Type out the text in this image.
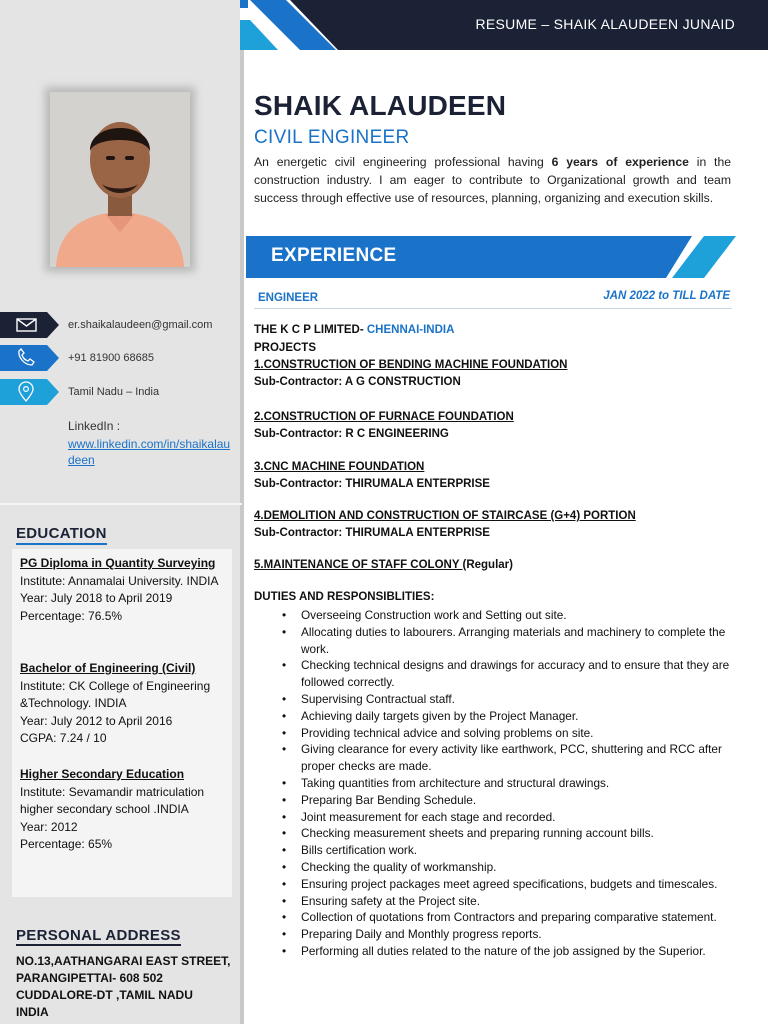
er.shaikalaudeen@gmail.com
+91 81900 68685
Tamil Nadu – India
LinkedIn :
www.linkedin.com/in/shaikalaudeen
EDUCATION
PG Diploma in Quantity Surveying
Institute: Annamalai University. INDIA
Year: July 2018 to April 2019
Percentage: 76.5%
Bachelor of Engineering (Civil)
Institute: CK College of Engineering &Technology. INDIA
Year: July 2012 to April 2016
CGPA: 7.24 / 10
Higher Secondary Education
Institute: Sevamandir matriculation higher secondary school .INDIA
Year: 2012
Percentage: 65%
PERSONAL ADDRESS
NO.13,AATHANGARAI EAST STREET,
PARANGIPETTAI- 608 502
CUDDALORE-DT ,TAMIL NADU
INDIA
RESUME – SHAIK ALAUDEEN JUNAID
SHAIK ALAUDEEN
CIVIL ENGINEER
An energetic civil engineering professional having 6 years of experience in the construction industry. I am eager to contribute to Organizational growth and team success through effective use of resources, planning, organizing and execution skills.
EXPERIENCE
ENGINEER	JAN 2022 to TILL DATE
THE K C P LIMITED- CHENNAI-INDIA
PROJECTS
1.CONSTRUCTION OF BENDING MACHINE FOUNDATION
Sub-Contractor: A G CONSTRUCTION
2.CONSTRUCTION OF FURNACE FOUNDATION
Sub-Contractor: R C ENGINEERING
3.CNC MACHINE FOUNDATION
Sub-Contractor: THIRUMALA ENTERPRISE
4.DEMOLITION AND CONSTRUCTION OF STAIRCASE (G+4) PORTION
Sub-Contractor: THIRUMALA ENTERPRISE
5.MAINTENANCE OF STAFF COLONY (Regular)
DUTIES AND RESPONSIBLITIES:
• Overseeing Construction work and Setting out site.
• Allocating duties to labourers. Arranging materials and machinery to complete the work.
• Checking technical designs and drawings for accuracy and to ensure that they are followed correctly.
• Supervising Contractual staff.
• Achieving daily targets given by the Project Manager.
• Providing technical advice and solving problems on site.
• Giving clearance for every activity like earthwork, PCC, shuttering and RCC after proper checks are made.
• Taking quantities from architecture and structural drawings.
• Preparing Bar Bending Schedule.
• Joint measurement for each stage and recorded.
• Checking measurement sheets and preparing running account bills.
• Bills certification work.
• Checking the quality of workmanship.
• Ensuring project packages meet agreed specifications, budgets and timescales.
• Ensuring safety at the Project site.
• Collection of quotations from Contractors and preparing comparative statement.
• Preparing Daily and Monthly progress reports.
• Performing all duties related to the nature of the job assigned by the Superior.
